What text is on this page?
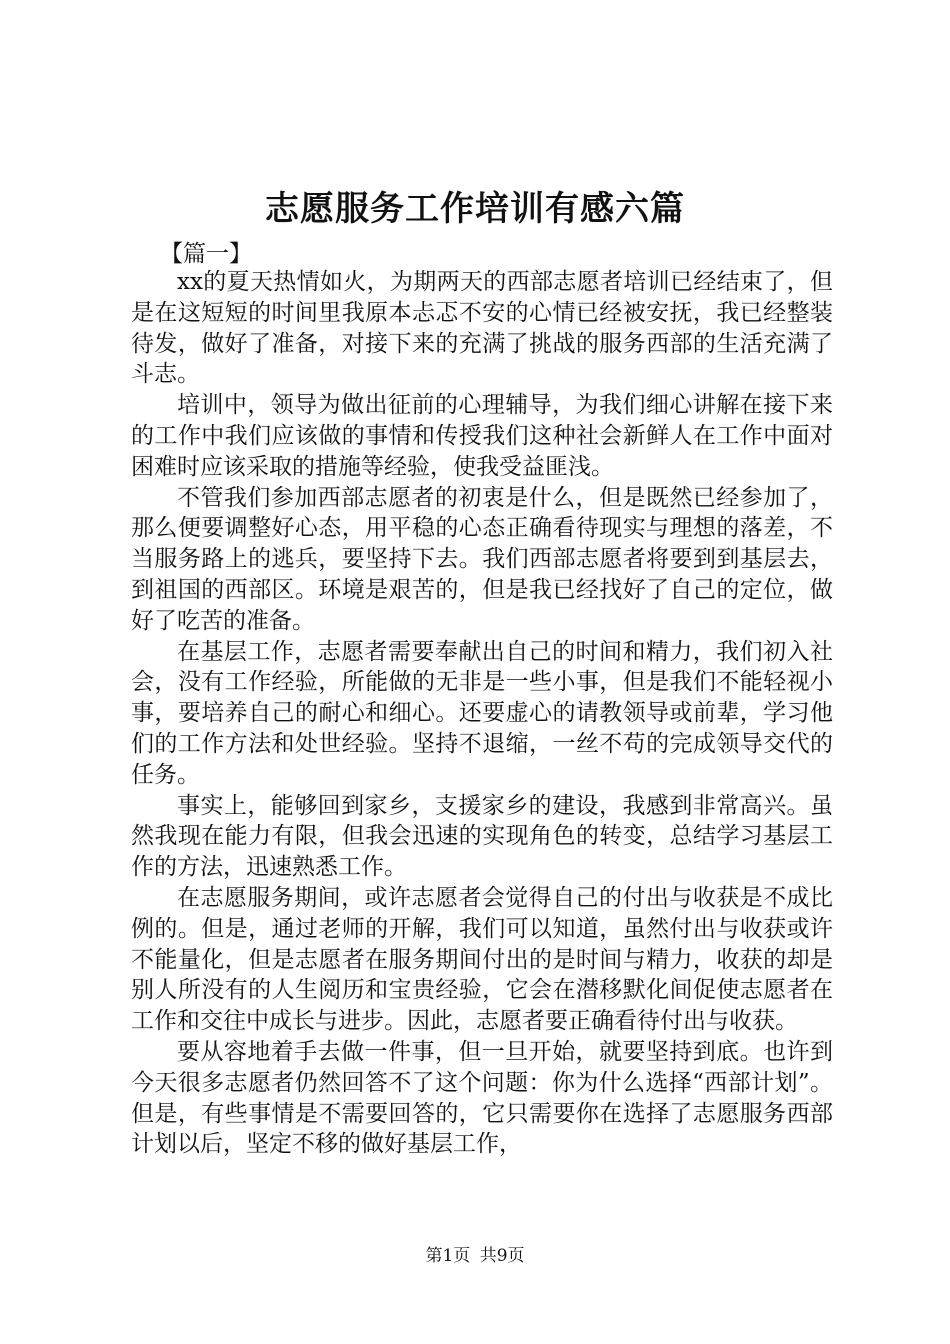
志愿服务工作培训有感六篇
【篇一】

xx的夏天热情如火，为期两天的西部志愿者培训已经结束了，但是在这短短的时间里我原本忐忑不安的心情已经被安抚，我已经整装待发，做好了准备，对接下来的充满了挑战的服务西部的生活充满了斗志。

培训中，领导为做出征前的心理辅导，为我们细心讲解在接下来的工作中我们应该做的事情和传授我们这种社会新鲜人在工作中面对困难时应该采取的措施等经验，使我受益匪浅。

不管我们参加西部志愿者的初衷是什么，但是既然已经参加了，那么便要调整好心态，用平稳的心态正确看待现实与理想的落差，不当服务路上的逃兵，要坚持下去。我们西部志愿者将要到到基层去，到祖国的西部区。环境是艰苦的，但是我已经找好了自己的定位，做好了吃苦的准备。

在基层工作，志愿者需要奉献出自己的时间和精力，我们初入社会，没有工作经验，所能做的无非是一些小事，但是我们不能轻视小事，要培养自己的耐心和细心。还要虚心的请教领导或前辈，学习他们的工作方法和处世经验。坚持不退缩，一丝不苟的完成领导交代的任务。

事实上，能够回到家乡，支援家乡的建设，我感到非常高兴。虽然我现在能力有限，但我会迅速的实现角色的转变，总结学习基层工作的方法，迅速熟悉工作。

在志愿服务期间，或许志愿者会觉得自己的付出与收获是不成比例的。但是，通过老师的开解，我们可以知道，虽然付出与收获或许不能量化，但是志愿者在服务期间付出的是时间与精力，收获的却是别人所没有的人生阅历和宝贵经验，它会在潜移默化间促使志愿者在工作和交往中成长与进步。因此，志愿者要正确看待付出与收获。

要从容地着手去做一件事，但一旦开始，就要坚持到底。也许到今天很多志愿者仍然回答不了这个问题：你为什么选择“西部计划”。但是，有些事情是不需要回答的，它只需要你在选择了志愿服务西部计划以后，坚定不移的做好基层工作，

第1页 共9页
